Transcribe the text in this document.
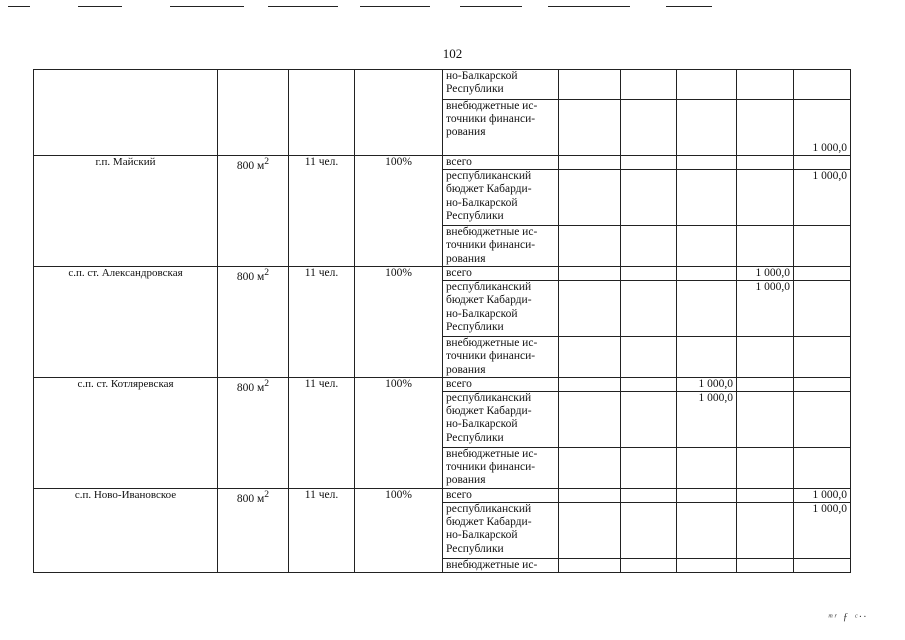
102
				но-Балкарской
Республики					
				внебюджетные ис-
точники финанси-
рования					1 000,0
г.п. Майский	800 $м^2$	11 чел.	100%	всего					
				республиканский
бюджет Кабарди-
но-Балкарской
Республики					1 000,0
				внебюджетные ис-
точники финанси-
рования					
с.п. ст. Александровская	800 $м^2$	11 чел.	100%	всего				1 000,0	
				республиканский
бюджет Кабарди-
но-Балкарской
Республики				1 000,0	
				внебюджетные ис-
точники финанси-
рования					
с.п. ст. Котляревская	800 $м^2$	11 чел.	100%	всего			1 000,0		
				республиканский
бюджет Кабарди-
но-Балкарской
Республики			1 000,0		
				внебюджетные ис-
точники финанси-
рования					
с.п. Ново-Ивановское	800 $м^2$	11 чел.	100%	всего					1 000,0
				республиканский
бюджет Кабарди-
но-Балкарской
Республики					1 000,0
				внебюджетные ис-					
ᵐʳ ƒ ᶜ··
